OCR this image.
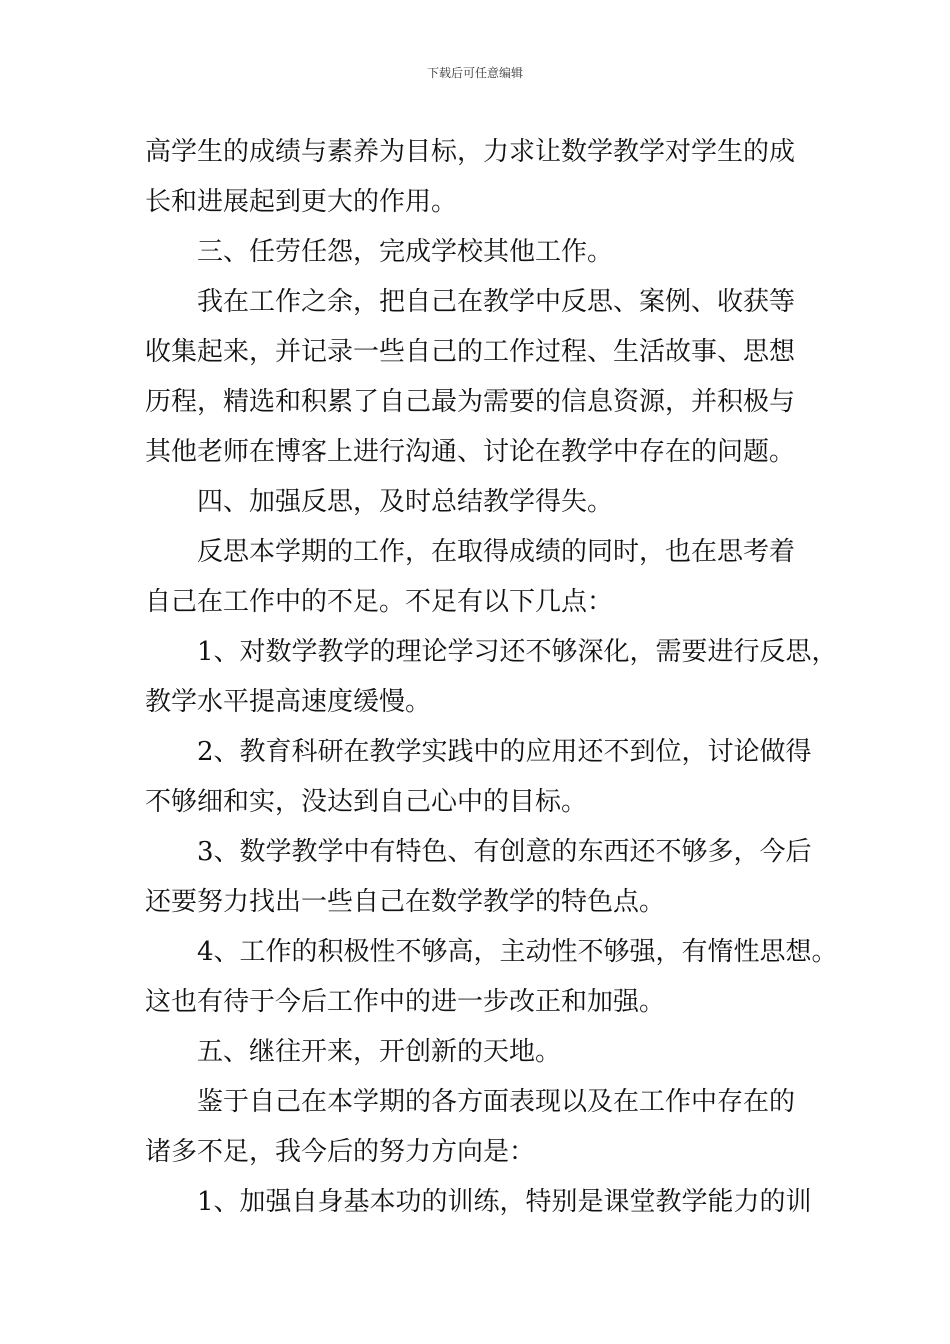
下载后可任意编辑
高学生的成绩与素养为目标，力求让数学教学对学生的成
长和进展起到更大的作用。
三、任劳任怨，完成学校其他工作。
我在工作之余，把自己在教学中反思、案例、收获等
收集起来，并记录一些自己的工作过程、生活故事、思想
历程，精选和积累了自己最为需要的信息资源，并积极与
其他老师在博客上进行沟通、讨论在教学中存在的问题。
四、加强反思，及时总结教学得失。
反思本学期的工作，在取得成绩的同时，也在思考着
自己在工作中的不足。不足有以下几点：
1、对数学教学的理论学习还不够深化，需要进行反思，
教学水平提高速度缓慢。
2、教育科研在教学实践中的应用还不到位，讨论做得
不够细和实，没达到自己心中的目标。
3、数学教学中有特色、有创意的东西还不够多，今后
还要努力找出一些自己在数学教学的特色点。
4、工作的积极性不够高，主动性不够强，有惰性思想。
这也有待于今后工作中的进一步改正和加强。
五、继往开来，开创新的天地。
鉴于自己在本学期的各方面表现以及在工作中存在的
诸多不足，我今后的努力方向是：
1、加强自身基本功的训练，特别是课堂教学能力的训
